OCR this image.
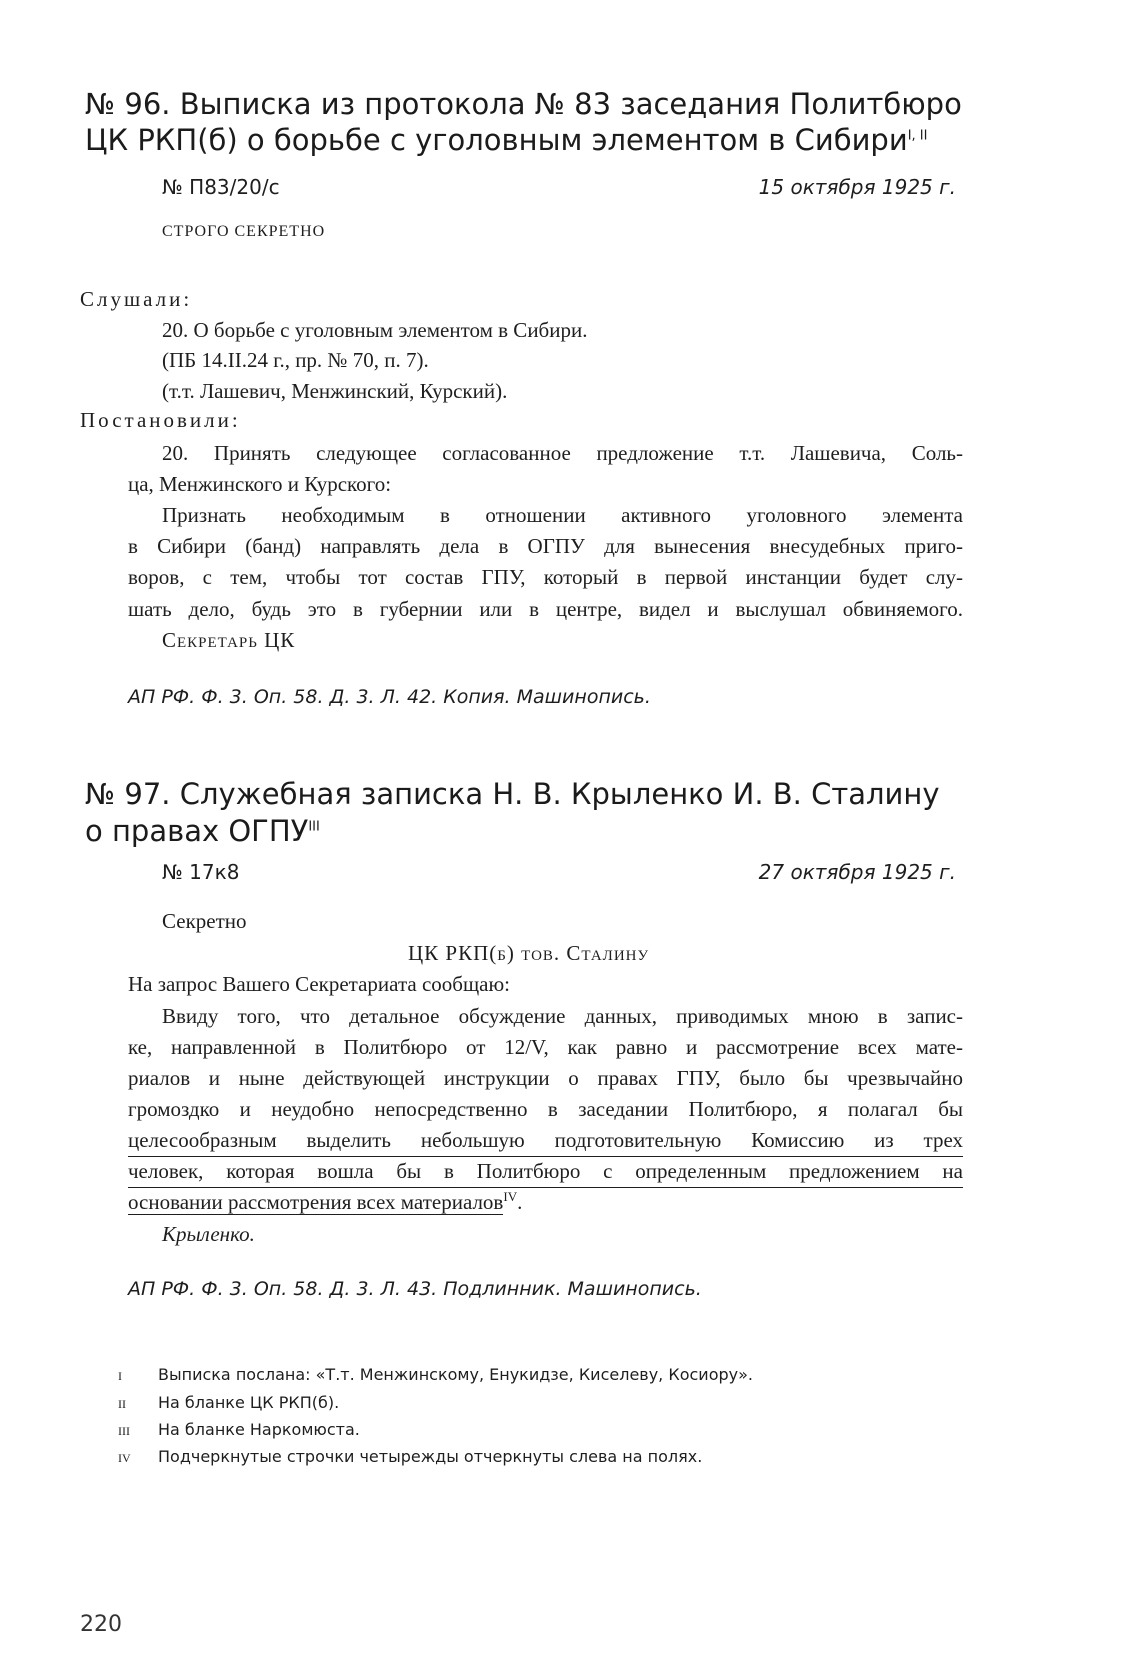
№ 96. Выписка из протокола № 83 заседания Политбюро
ЦК РКП(б) о борьбе с уголовным элементом в Сибири$^{I, II}$
№ П83/20/с	15 октября 1925 г.
СТРОГО СЕКРЕТНО
Слушали:
20. О борьбе с уголовным элементом в Сибири.
(ПБ 14.II.24 г., пр. № 70, п. 7).
(т.т. Лашевич, Менжинский, Курский).
Постановили:
20. Принять следующее согласованное предложение т.т. Лашевича, Соль-
ца, Менжинского и Курского:
Признать необходимым в отношении активного уголовного элемента
в Сибири (банд) направлять дела в ОГПУ для вынесения внесудебных приго-
воров, с тем, чтобы тот состав ГПУ, который в первой инстанции будет слу-
шать дело, будь это в губернии или в центре, видел и выслушал обвиняемого.
Секретарь ЦК
АП РФ. Ф. 3. Оп. 58. Д. 3. Л. 42. Копия. Машинопись.
№ 97. Служебная записка Н. В. Крыленко И. В. Сталину
о правах $ОГПУ^{III}$
№ 17к8	27 октября 1925 г.
Секретно
ЦК РКП(б) тов. Сталину
На запрос Вашего Секретариата сообщаю:
Ввиду того, что детальное обсуждение данных, приводимых мною в запис-
ке, направленной в Политбюро от 12/V, как равно и рассмотрение всех мате-
риалов и ныне действующей инструкции о правах ГПУ, было бы чрезвычайно
громоздко и неудобно непосредственно в заседании Политбюро, я полагал бы
целесообразным выделить небольшую подготовительную Комиссию из трех
человек, которая вошла бы в Политбюро с определенным предложением на
основании рассмотрения всех материалов$^{IV}$.
Крыленко.
АП РФ. Ф. 3. Оп. 58. Д. 3. Л. 43. Подлинник. Машинопись.
I Выписка послана: «Т.т. Менжинскому, Енукидзе, Киселеву, Косиору».
II На бланке ЦК РКП(б).
III На бланке Наркомюста.
IV Подчеркнутые строчки четырежды отчеркнуты слева на полях.
220
